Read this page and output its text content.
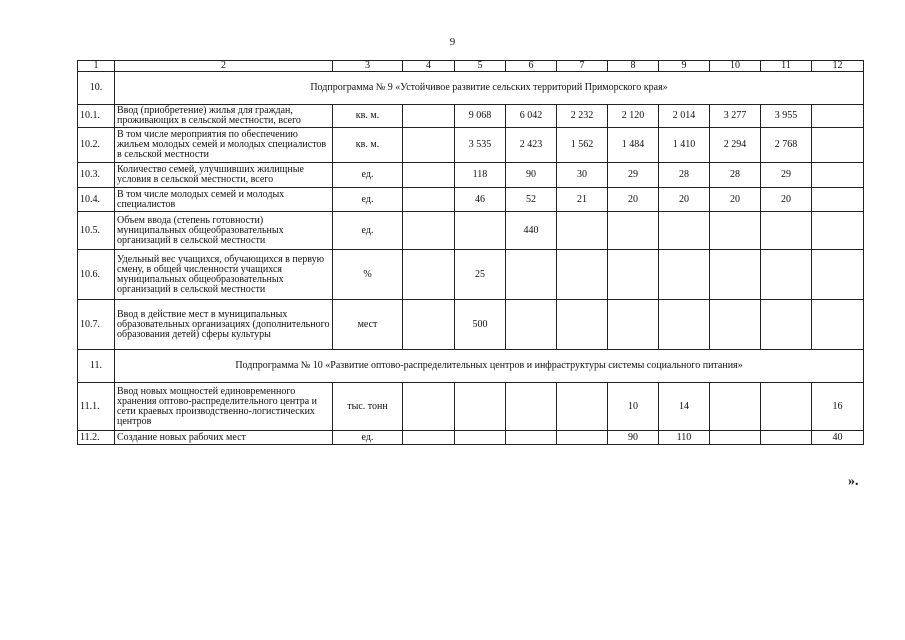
9
1	2	3	4	5	6	7	8	9	10	11	12
10.	Подпрограмма № 9 «Устойчивое развитие сельских территорий Приморского края»										
10.1.	Ввод (приобретение) жилья для граждан, проживающих в сельской местности, всего	кв. м.		9 068	6 042	2 232	2 120	2 014	3 277	3 955	
10.2.	В том числе мероприятия по обеспечению жильем молодых семей и молодых специалистов в сельской местности	кв. м.		3 535	2 423	1 562	1 484	1 410	2 294	2 768	
10.3.	Количество семей, улучшивших жилищные условия в сельской местности, всего	ед.		118	90	30	29	28	28	29	
10.4.	В том числе молодых семей и молодых специалистов	ед.		46	52	21	20	20	20	20	
10.5.	Объем ввода (степень готовности) муниципальных общеобразовательных организаций в сельской местности	ед.			440						
10.6.	Удельный вес учащихся, обучающихся в первую смену, в общей численности учащихся муниципальных общеобразовательных организаций в сельской местности	%		25							
10.7.	Ввод в действие мест в муниципальных образовательных организациях (дополнительного образования детей) сферы культуры	мест		500							
11.	Подпрограмма № 10 «Развитие оптово-распределительных центров и инфраструктуры системы социального питания»										
11.1.	Ввод новых мощностей единовременного хранения оптово-распределительного центра и сети краевых производственно-логистических центров	тыс. тонн					10	14			16
11.2.	Создание новых рабочих мест	ед.					90	110			40
».
